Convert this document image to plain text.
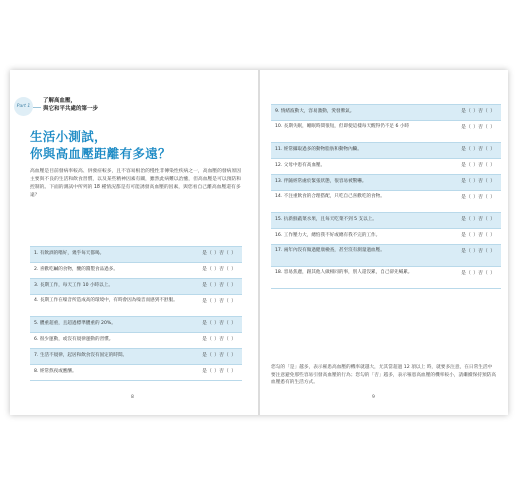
Part 1
了解高血壓，
與它和平共處的第一步
生活小測試，
你與高血壓距離有多遠？
高血壓是目前發病率較高、併發症較多，且不容易根治的慢性非傳染性疾病之一，高血壓的發病原因主要與不良的生活和飲食習慣，以及某些精神因素有關，雖然此病難以治癒，但高血壓是可以預防和控制的。下面的測試中所列的 18 種情況都是有可能誘發高血壓的因素，與您看自己離高血壓還有多遠？
1. 有飲酒的嗜好，幾乎每天都喝。	是（ ）否（ ）
2. 喜歡吃鹹的食物，醃的醬製食品過多。	是（ ）否（ ）
3. 長期工作，每天工作 10 小時以上。	是（ ）否（ ）
4. 長期工作在噪音所造成高的環境中，有時會因為噪音而感到不舒服。	是（ ）否（ ）
5. 體重超重，且超過標準體重的 20%。	是（ ）否（ ）
6. 很少運動，或沒有規律運動的習慣。	是（ ）否（ ）
7. 生活不規律，起居和飲食沒有固定的時間。	是（ ）否（ ）
8. 經常熬夜或應酬。	是（ ）否（ ）
8
9. 情緒波動大，容易激動，愛發脾氣。	是（ ）否（ ）
10. 長期失眠，睡眠時間很短，但即使這樣每天醒得仍不足 6 小時	是（ ）否（ ）
11. 經常攝取過多的動物脂肪和動物內臟。	是（ ）否（ ）
12. 父母中患有高血壓。	是（ ）否（ ）
13. 伴隨經常處於緊張狀態，很容易被驚嚇。	是（ ）否（ ）
14. 不注重飲食的合理搭配，只吃自己喜歡吃的食物。	是（ ）否（ ）
15. 抗新鮮蔬菜水果，且每天吃菜不到 5 支以上。	是（ ）否（ ）
16. 工作壓力大，總怕我不好或總有我不完的工作。	是（ ）否（ ）
17. 兩年內沒有做過健康檢查，甚至沒有測量過血壓。	是（ ）否（ ）
18. 容易焦慮，跟其他人做相同的事，別人還沒累，自己卻先喊累。	是（ ）否（ ）
您勾的「是」越多，表示罹患高血壓的機率就越大，尤其當超過 12 項以上 時，就要多注意，在日常生活中要注意避免那些容易引發高血壓的行為；您勾的「否」越多，表示罹患高血壓的機率較小，請繼續保持預防高血壓悉有的生活方式。
9
